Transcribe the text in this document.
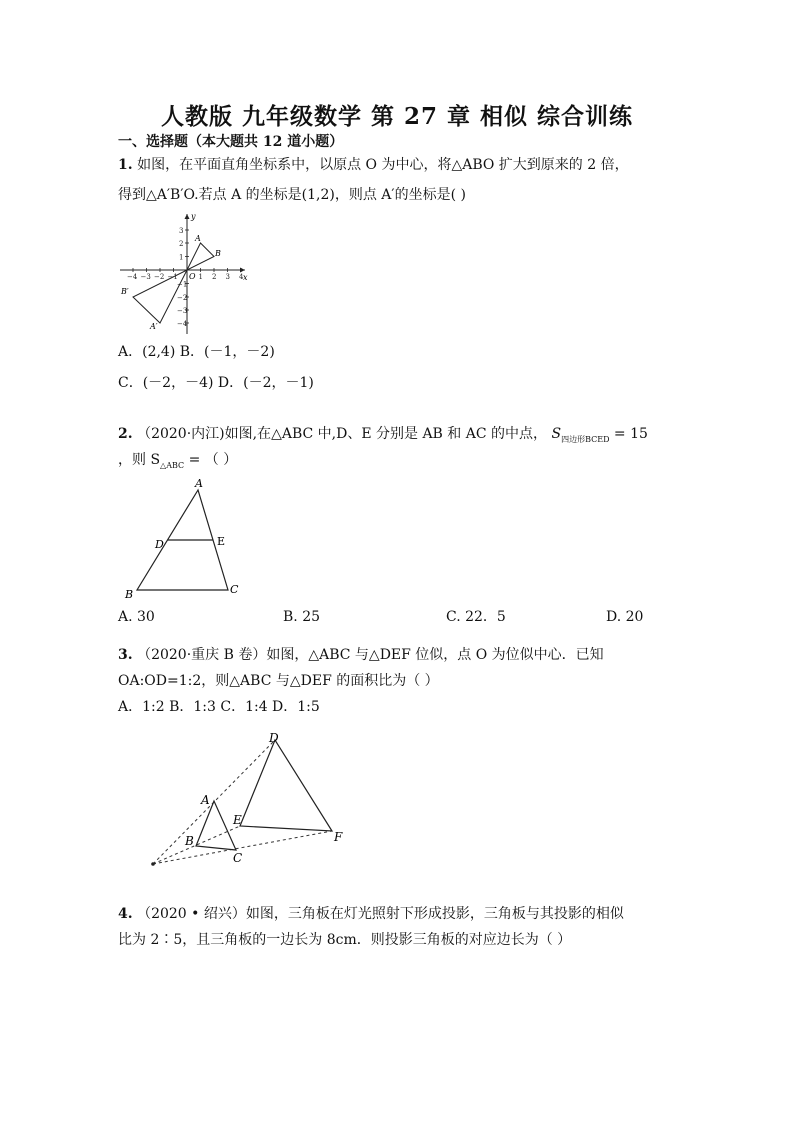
人教版 九年级数学 第 27 章 相似 综合训练
一、选择题（本大题共 12 道小题）
1. 如图，在平面直角坐标系中，以原点 O 为中心，将△ABO 扩大到原来的 2 倍，
得到△A′B′O.若点 A 的坐标是(1,2)，则点 A′的坐标是( )
−4 −3 −2 −1	1 2 3 4
3
2
1
−1
−2
−3
−4
x
y
O
A
B
A′
B′
A．(2,4) B．(－1，－2)
C．(－2，－4) D．(－2，－1)
2. （2020·内江)如图,在△ABC 中,D、E 分别是 AB 和 AC 的中点， $S_{四边形BCED} = 15$
，则 $S_{\triangle ABC}$ = （ ）
A
B	C
D	E
A. 30	B. 25	C. 22．5	D. 20
3. （2020·重庆 B 卷）如图，△ABC 与△DEF 位似，点 O 为位似中心．已知
OA:OD=1:2，则△ABC 与△DEF 的面积比为（ ）
A．1:2 B．1:3 C．1:4 D．1:5
A
B
C
D
E
F
4. （2020 • 绍兴）如图，三角板在灯光照射下形成投影，三角板与其投影的相似
比为 2∶5，且三角板的一边长为 8cm．则投影三角板的对应边长为（ ）
